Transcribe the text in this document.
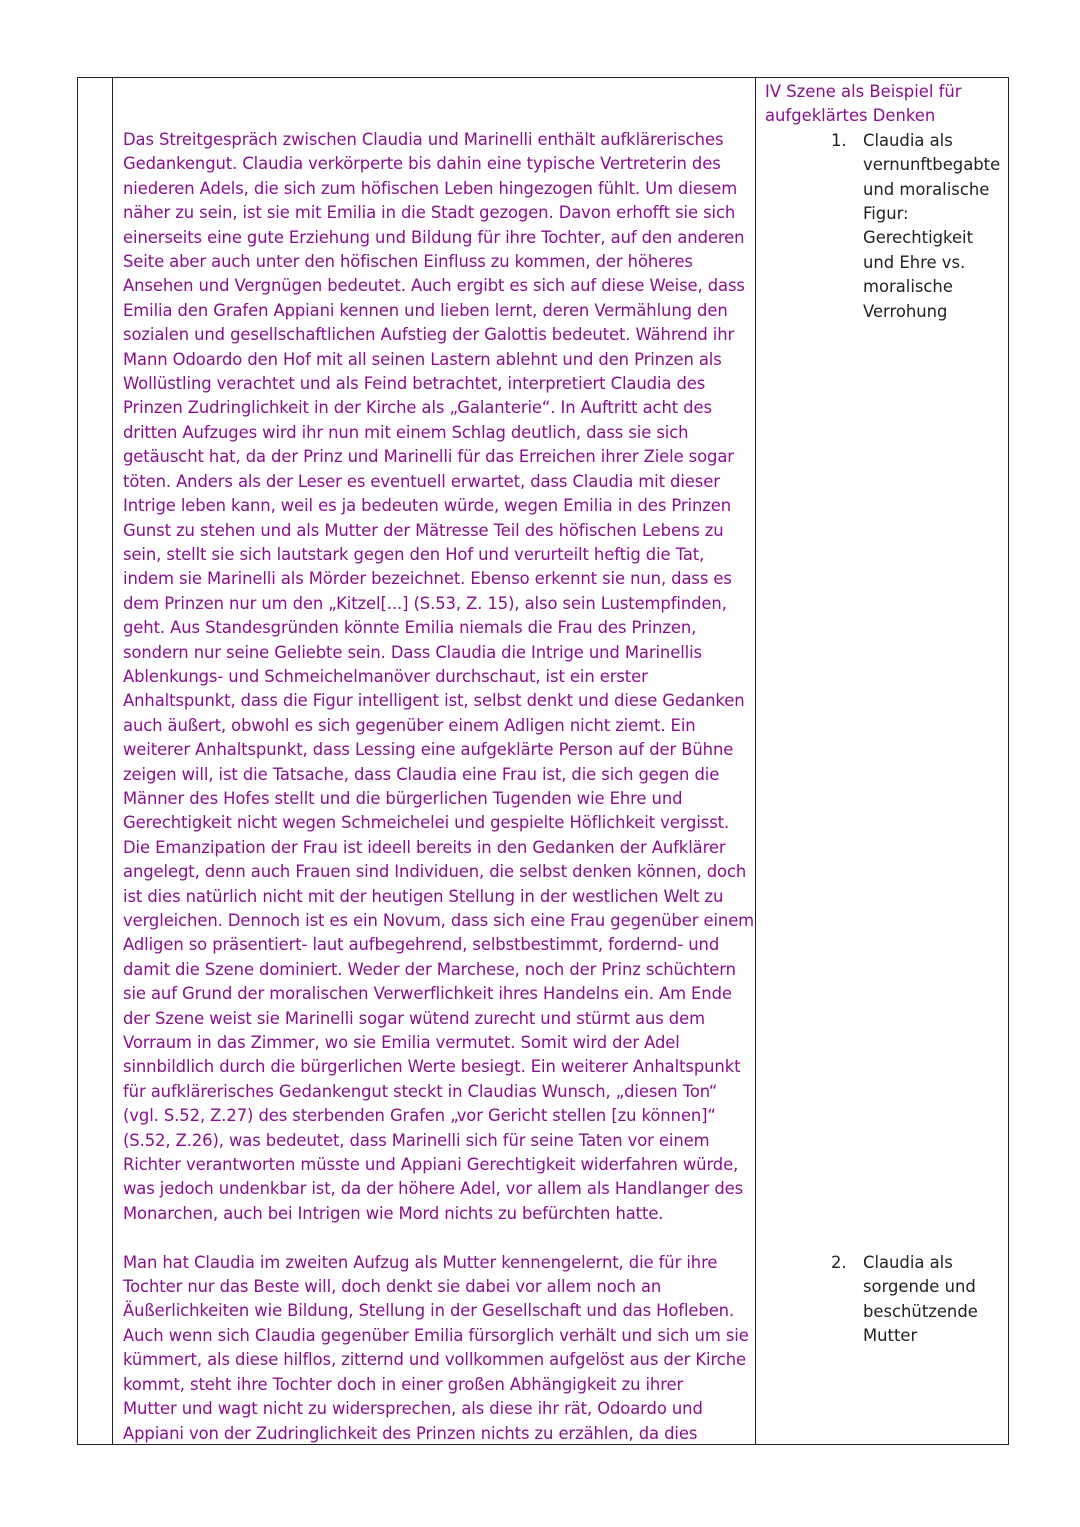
Das Streitgespräch zwischen Claudia und Marinelli enthält aufklärerisches

Gedankengut. Claudia verkörperte bis dahin eine typische Vertreterin des

niederen Adels, die sich zum höfischen Leben hingezogen fühlt. Um diesem

näher zu sein, ist sie mit Emilia in die Stadt gezogen. Davon erhofft sie sich

einerseits eine gute Erziehung und Bildung für ihre Tochter, auf den anderen

Seite aber auch unter den höfischen Einfluss zu kommen, der höheres

Ansehen und Vergnügen bedeutet. Auch ergibt es sich auf diese Weise, dass

Emilia den Grafen Appiani kennen und lieben lernt, deren Vermählung den

sozialen und gesellschaftlichen Aufstieg der Galottis bedeutet. Während ihr

Mann Odoardo den Hof mit all seinen Lastern ablehnt und den Prinzen als

Wollüstling verachtet und als Feind betrachtet, interpretiert Claudia des

Prinzen Zudringlichkeit in der Kirche als „Galanterie“. In Auftritt acht des

dritten Aufzuges wird ihr nun mit einem Schlag deutlich, dass sie sich

getäuscht hat, da der Prinz und Marinelli für das Erreichen ihrer Ziele sogar

töten. Anders als der Leser es eventuell erwartet, dass Claudia mit dieser

Intrige leben kann, weil es ja bedeuten würde, wegen Emilia in des Prinzen

Gunst zu stehen und als Mutter der Mätresse Teil des höfischen Lebens zu

sein, stellt sie sich lautstark gegen den Hof und verurteilt heftig die Tat,

indem sie Marinelli als Mörder bezeichnet. Ebenso erkennt sie nun, dass es

dem Prinzen nur um den „Kitzel[...] (S.53, Z. 15), also sein Lustempfinden,

geht. Aus Standesgründen könnte Emilia niemals die Frau des Prinzen,

sondern nur seine Geliebte sein. Dass Claudia die Intrige und Marinellis

Ablenkungs- und Schmeichelmanöver durchschaut, ist ein erster

Anhaltspunkt, dass die Figur intelligent ist, selbst denkt und diese Gedanken

auch äußert, obwohl es sich gegenüber einem Adligen nicht ziemt. Ein

weiterer Anhaltspunkt, dass Lessing eine aufgeklärte Person auf der Bühne

zeigen will, ist die Tatsache, dass Claudia eine Frau ist, die sich gegen die

Männer des Hofes stellt und die bürgerlichen Tugenden wie Ehre und

Gerechtigkeit nicht wegen Schmeichelei und gespielte Höflichkeit vergisst.

Die Emanzipation der Frau ist ideell bereits in den Gedanken der Aufklärer

angelegt, denn auch Frauen sind Individuen, die selbst denken können, doch

ist dies natürlich nicht mit der heutigen Stellung in der westlichen Welt zu

vergleichen. Dennoch ist es ein Novum, dass sich eine Frau gegenüber einem

Adligen so präsentiert- laut aufbegehrend, selbstbestimmt, fordernd- und

damit die Szene dominiert. Weder der Marchese, noch der Prinz schüchtern

sie auf Grund der moralischen Verwerflichkeit ihres Handelns ein. Am Ende

der Szene weist sie Marinelli sogar wütend zurecht und stürmt aus dem

Vorraum in das Zimmer, wo sie Emilia vermutet. Somit wird der Adel

sinnbildlich durch die bürgerlichen Werte besiegt. Ein weiterer Anhaltspunkt

für aufklärerisches Gedankengut steckt in Claudias Wunsch, „diesen Ton“

(vgl. S.52, Z.27) des sterbenden Grafen „vor Gericht stellen [zu können]“

(S.52, Z.26), was bedeutet, dass Marinelli sich für seine Taten vor einem

Richter verantworten müsste und Appiani Gerechtigkeit widerfahren würde,

was jedoch undenkbar ist, da der höhere Adel, vor allem als Handlanger des

Monarchen, auch bei Intrigen wie Mord nichts zu befürchten hatte.

Man hat Claudia im zweiten Aufzug als Mutter kennengelernt, die für ihre

Tochter nur das Beste will, doch denkt sie dabei vor allem noch an

Äußerlichkeiten wie Bildung, Stellung in der Gesellschaft und das Hofleben.

Auch wenn sich Claudia gegenüber Emilia fürsorglich verhält und sich um sie

kümmert, als diese hilflos, zitternd und vollkommen aufgelöst aus der Kirche

kommt, steht ihre Tochter doch in einer großen Abhängigkeit zu ihrer

Mutter und wagt nicht zu widersprechen, als diese ihr rät, Odoardo und

Appiani von der Zudringlichkeit des Prinzen nichts zu erzählen, da dies

IV Szene als Beispiel für
aufgeklärtes Denken
1. Claudia als
vernunftbegabte
und moralische
Figur:
Gerechtigkeit
und Ehre vs.
moralische
Verrohung
2. Claudia als
sorgende und
beschützende
Mutter
